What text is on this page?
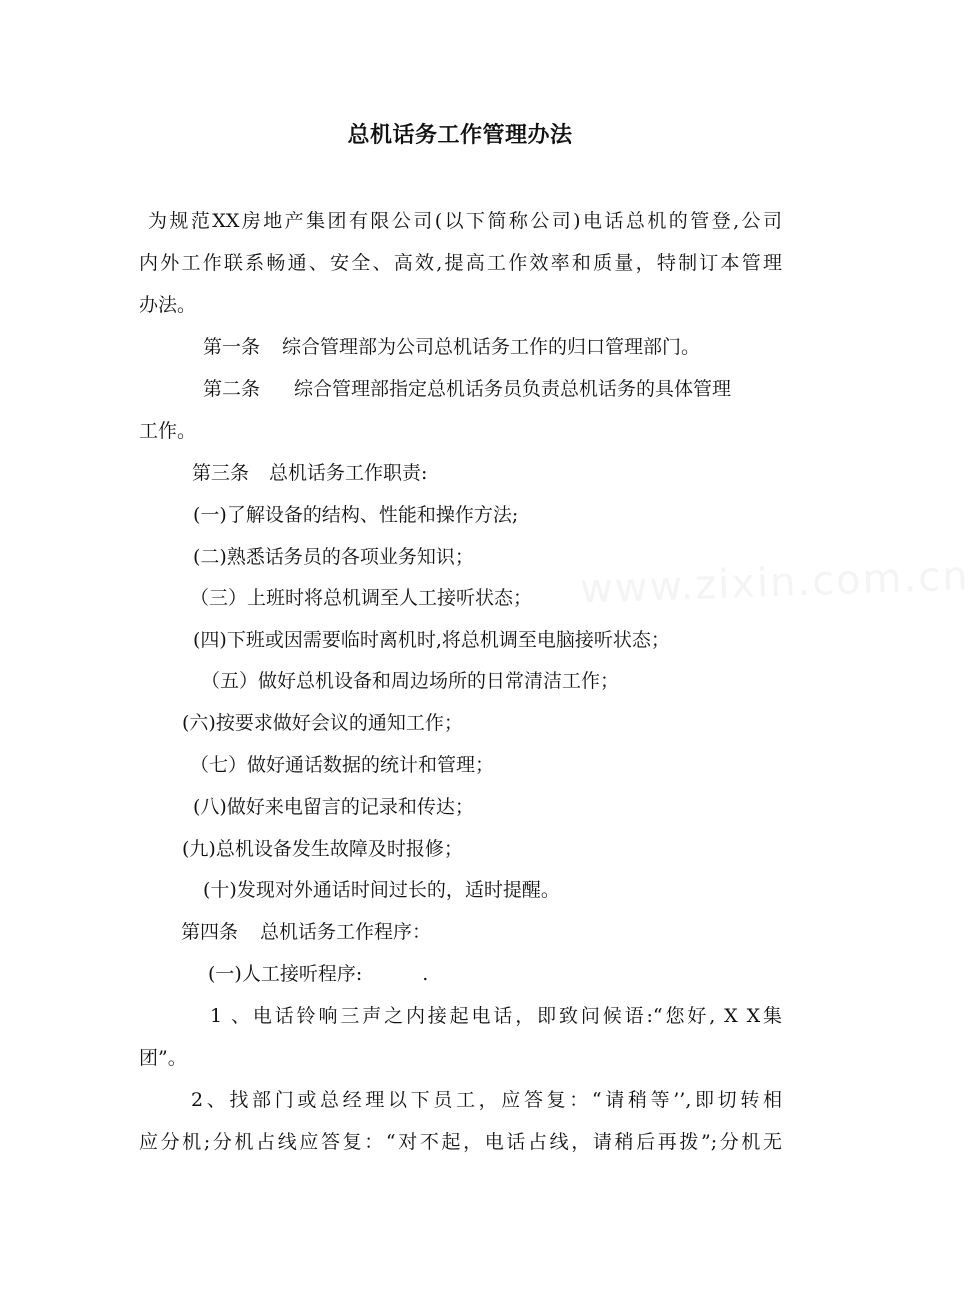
总机话务工作管理办法
为规范XX房地产集团有限公司(以下简称公司)电话总机的管登,公司
内外工作联系畅通、安全、高效,提高工作效率和质量，特制订本管理
办法。
第一条 综合管理部为公司总机话务工作的归口管理部门。
第二条 综合管理部指定总机话务员负责总机话务的具体管理
工作。
第三条 总机话务工作职责:
(一)了解设备的结构、性能和操作方法;
(二)熟悉话务员的各项业务知识；
（三）上班时将总机调至人工接听状态；
(四)下班或因需要临时离机时,将总机调至电脑接听状态；
（五）做好总机设备和周边场所的日常清洁工作；
(六)按要求做好会议的通知工作；
（七）做好通话数据的统计和管理；
(八)做好来电留言的记录和传达；
(九)总机设备发生故障及时报修；
(十)发现对外通话时间过长的，适时提醒。
第四条 总机话务工作程序：
(一)人工接听程序:	.
1 、电话铃响三声之内接起电话，即致问候语:“您好, X X集
团”。
2、找部门或总经理以下员工，应答复：“请稍等’’,即切转相
应分机;分机占线应答复：“对不起，电话占线，请稍后再拨”;分机无
www.zixin.com.cn
